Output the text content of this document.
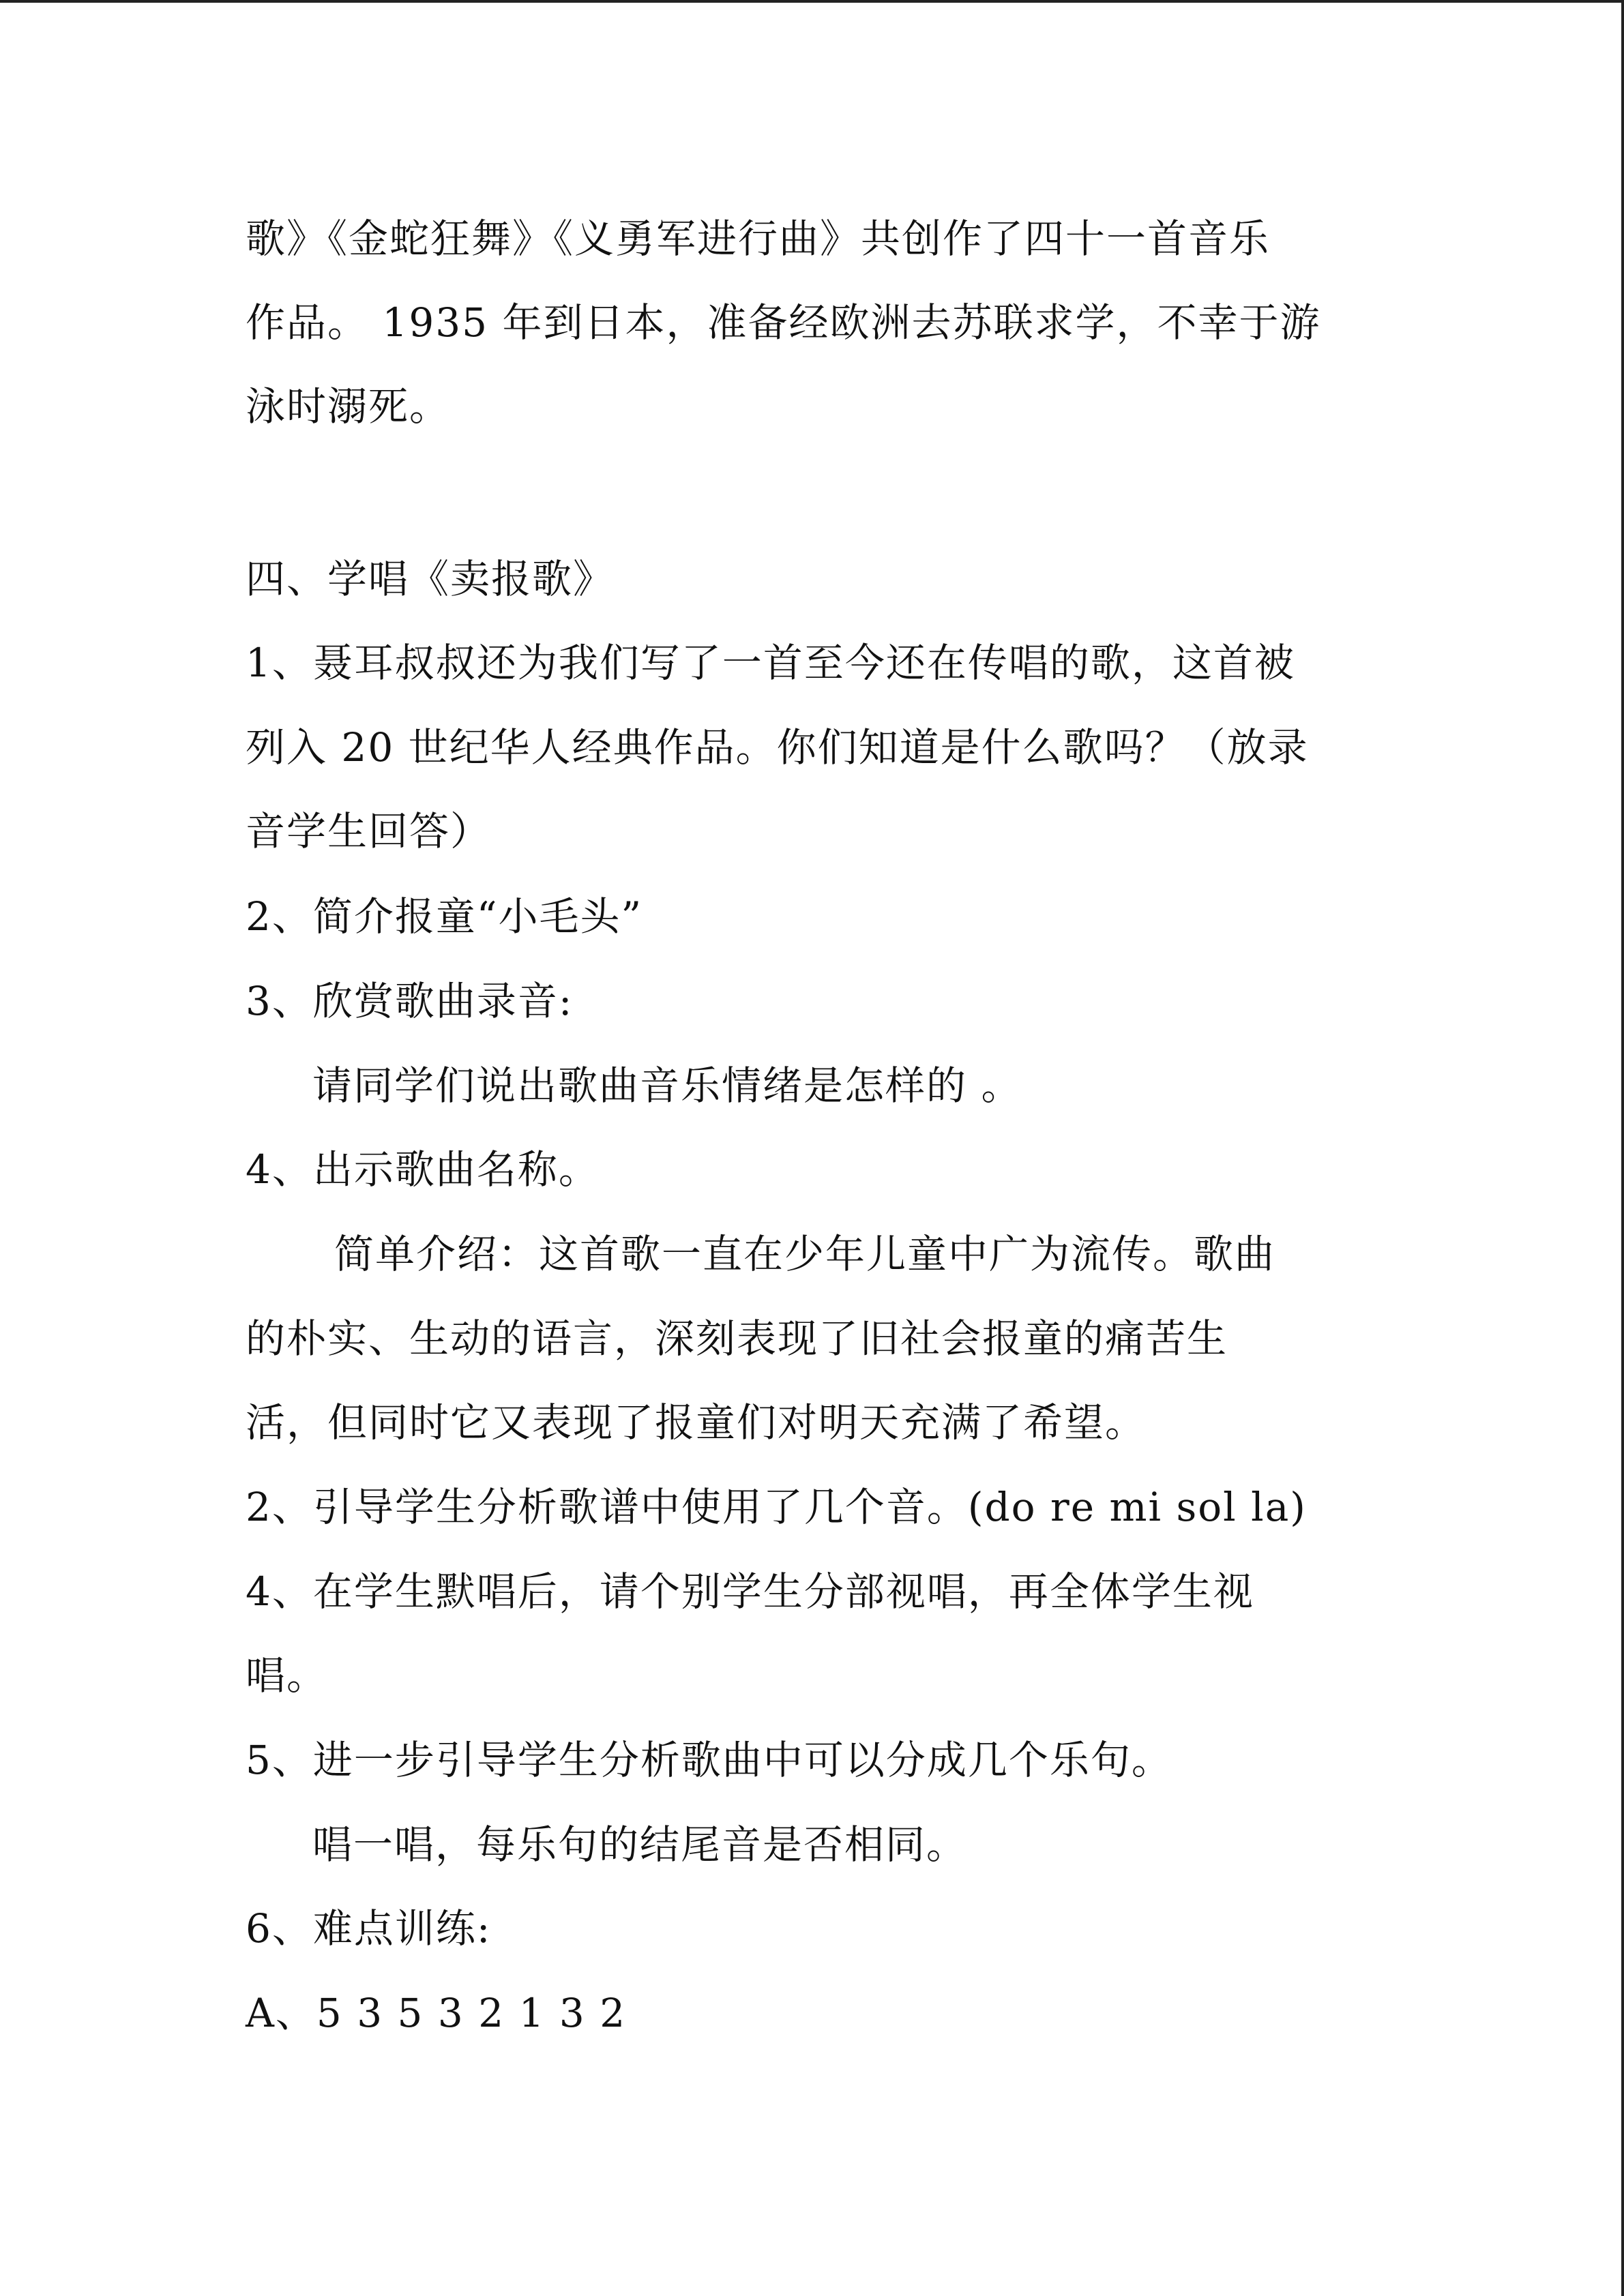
歌》《金蛇狂舞》《义勇军进行曲》共创作了四十一首音乐
作品。 1935 年到日本，准备经欧洲去苏联求学，不幸于游
泳时溺死。
四、学唱《卖报歌》
1、聂耳叔叔还为我们写了一首至今还在传唱的歌，这首被
列入 20 世纪华人经典作品。你们知道是什么歌吗？（放录
音学生回答）
2、简介报童“小毛头”
3、欣赏歌曲录音:
请同学们说出歌曲音乐情绪是怎样的 。
4、出示歌曲名称。
简单介绍：这首歌一直在少年儿童中广为流传。歌曲
的朴实、生动的语言，深刻表现了旧社会报童的痛苦生
活，但同时它又表现了报童们对明天充满了希望。
2、引导学生分析歌谱中使用了几个音。(do re mi sol la)
4、在学生默唱后，请个别学生分部视唱，再全体学生视
唱。
5、进一步引导学生分析歌曲中可以分成几个乐句。
唱一唱，每乐句的结尾音是否相同。
6、难点训练:
A、5 3 5 3 2 1 3 2
